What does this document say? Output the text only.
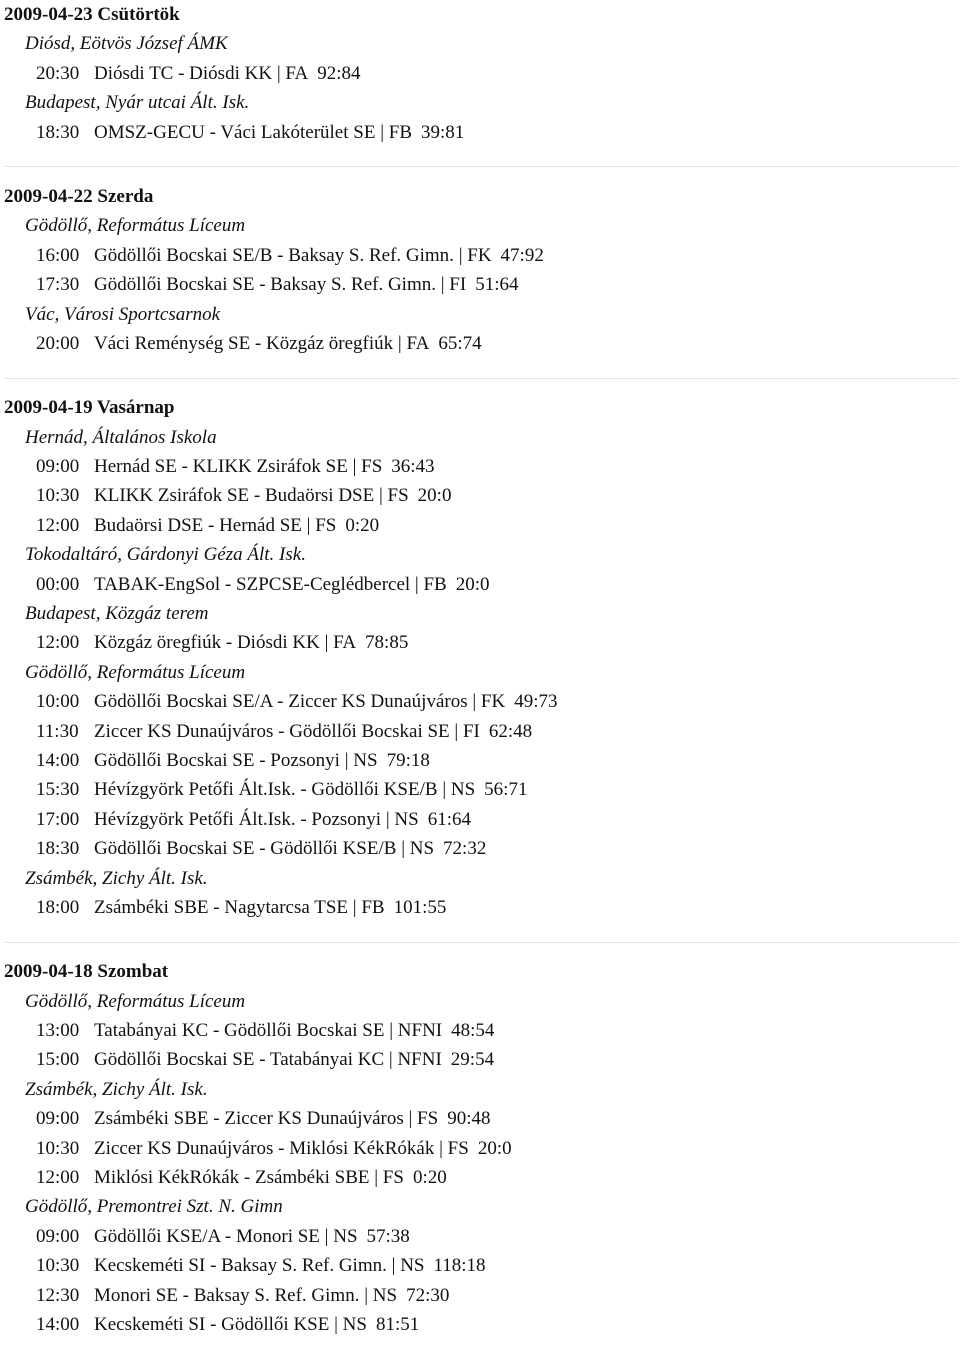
2009-04-23 Csütörtök
Diósd, Eötvös József ÁMK
20:30 Diósdi TC - Diósdi KK | FA 92:84
Budapest, Nyár utcai Ált. Isk.
18:30 OMSZ-GECU - Váci Lakóterület SE | FB 39:81
2009-04-22 Szerda
Gödöllő, Református Líceum
16:00 Gödöllői Bocskai SE/B - Baksay S. Ref. Gimn. | FK 47:92
17:30 Gödöllői Bocskai SE - Baksay S. Ref. Gimn. | FI 51:64
Vác, Városi Sportcsarnok
20:00 Váci Reménység SE - Közgáz öregfiúk | FA 65:74
2009-04-19 Vasárnap
Hernád, Általános Iskola
09:00 Hernád SE - KLIKK Zsiráfok SE | FS 36:43
10:30 KLIKK Zsiráfok SE - Budaörsi DSE | FS 20:0
12:00 Budaörsi DSE - Hernád SE | FS 0:20
Tokodaltáró, Gárdonyi Géza Ált. Isk.
00:00 TABAK-EngSol - SZPCSE-Ceglédbercel | FB 20:0
Budapest, Közgáz terem
12:00 Közgáz öregfiúk - Diósdi KK | FA 78:85
Gödöllő, Református Líceum
10:00 Gödöllői Bocskai SE/A - Ziccer KS Dunaújváros | FK 49:73
11:30 Ziccer KS Dunaújváros - Gödöllői Bocskai SE | FI 62:48
14:00 Gödöllői Bocskai SE - Pozsonyi | NS 79:18
15:30 Hévízgyörk Petőfi Ált.Isk. - Gödöllői KSE/B | NS 56:71
17:00 Hévízgyörk Petőfi Ált.Isk. - Pozsonyi | NS 61:64
18:30 Gödöllői Bocskai SE - Gödöllői KSE/B | NS 72:32
Zsámbék, Zichy Ált. Isk.
18:00 Zsámbéki SBE - Nagytarcsa TSE | FB 101:55
2009-04-18 Szombat
Gödöllő, Református Líceum
13:00 Tatabányai KC - Gödöllői Bocskai SE | NFNI 48:54
15:00 Gödöllői Bocskai SE - Tatabányai KC | NFNI 29:54
Zsámbék, Zichy Ált. Isk.
09:00 Zsámbéki SBE - Ziccer KS Dunaújváros | FS 90:48
10:30 Ziccer KS Dunaújváros - Miklósi KékRókák | FS 20:0
12:00 Miklósi KékRókák - Zsámbéki SBE | FS 0:20
Gödöllő, Premontrei Szt. N. Gimn
09:00 Gödöllői KSE/A - Monori SE | NS 57:38
10:30 Kecskeméti SI - Baksay S. Ref. Gimn. | NS 118:18
12:30 Monori SE - Baksay S. Ref. Gimn. | NS 72:30
14:00 Kecskeméti SI - Gödöllői KSE | NS 81:51
